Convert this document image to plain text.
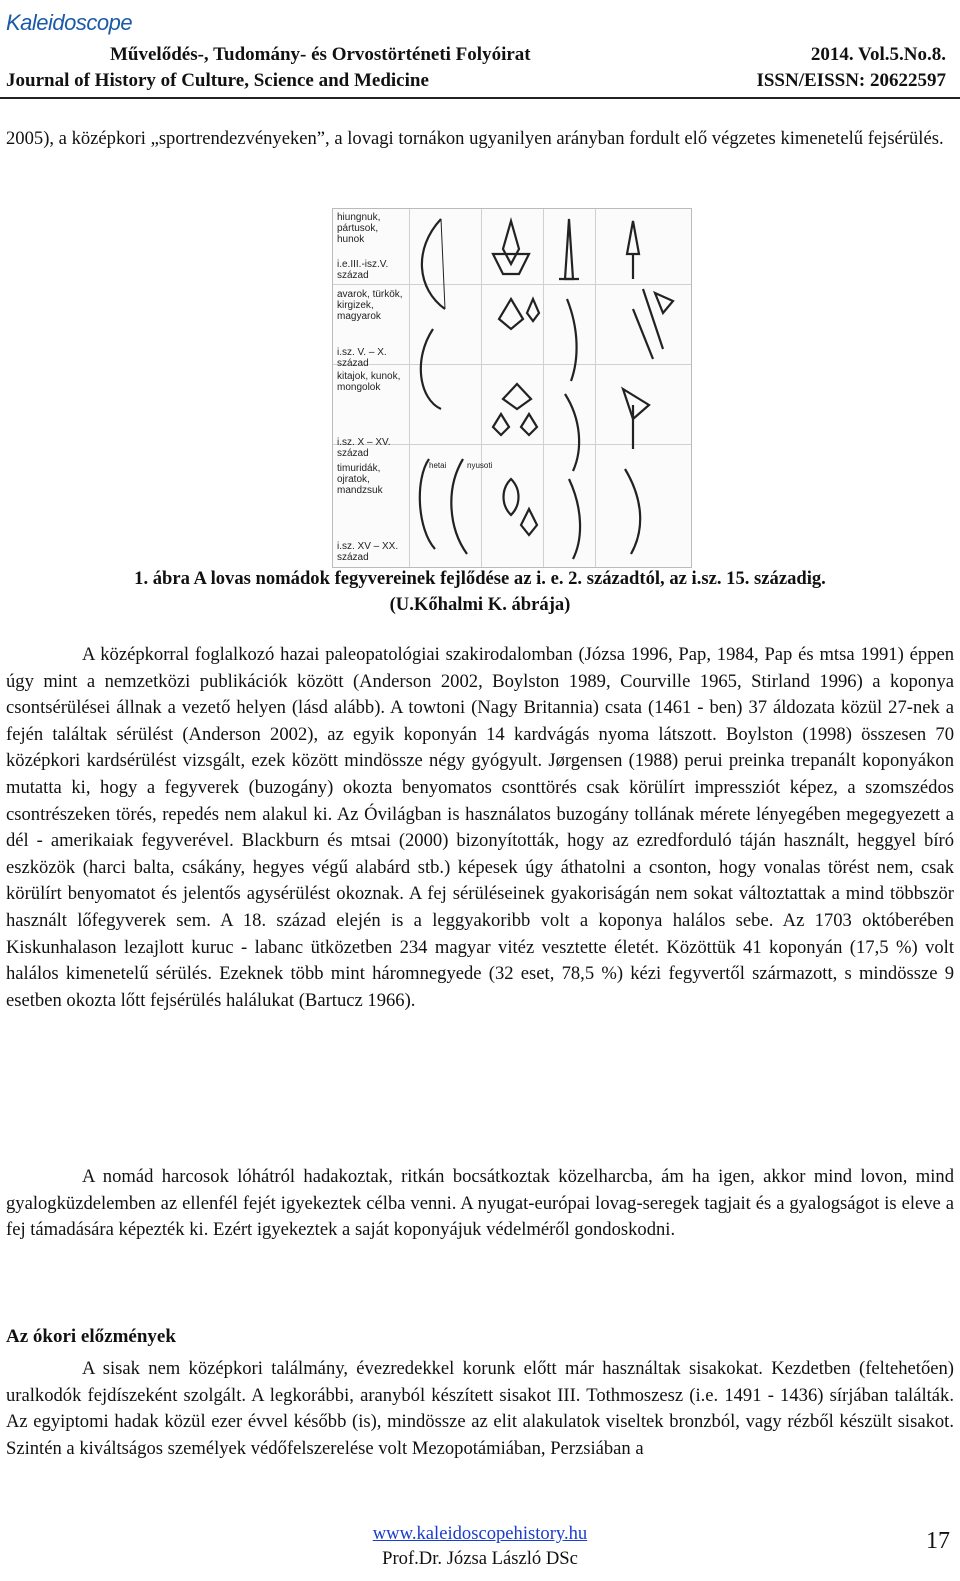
Kaleidoscope
Művelődés-, Tudomány- és Orvostörténeti Folyóirat	2014. Vol.5.No.8.
Journal of History of Culture, Science and Medicine	ISSN/EISSN: 20622597

2005), a középkori „sportrendezvényeken”, a lovagi tornákon ugyanilyen arányban fordult elő végzetes kimenetelű fejsérülés.

hiungnuk, pártusok, hunok
i.e.III.-isz.V. század
avarok, türkök, kirgizek, magyarok
i.sz. V. – X. század
kitajok, kunok, mongolok
i.sz. X – XV. század
timuridák, ojratok, mandzsuk
i.sz. XV – XX. század
hetai	nyusoti

1. ábra A lovas nomádok fegyvereinek fejlődése az i. e. 2. századtól, az i.sz. 15. századig.

(U.Kőhalmi K. ábrája)

A középkorral foglalkozó hazai paleopatológiai szakirodalomban (Józsa 1996, Pap, 1984, Pap és mtsa 1991) éppen úgy mint a nemzetközi publikációk között (Anderson 2002, Boylston 1989, Courville 1965, Stirland 1996) a koponya csontsérülései állnak a vezető helyen (lásd alább). A towtoni (Nagy Britannia) csata (1461 - ben) 37 áldozata közül 27-nek a fején találtak sérülést (Anderson 2002), az egyik koponyán 14 kardvágás nyoma látszott. Boylston (1998) összesen 70 középkori kardsérülést vizsgált, ezek között mindössze négy gyógyult. Jørgensen (1988) perui preinka trepanált koponyákon mutatta ki, hogy a fegyverek (buzogány) okozta benyomatos csonttörés csak körülírt impressziót képez, a szomszédos csontrészeken törés, repedés nem alakul ki. Az Óvilágban is használatos buzogány tollának mérete lényegében megegyezett a dél - amerikaiak fegyverével. Blackburn és mtsai (2000) bizonyították, hogy az ezredforduló táján használt, heggyel bíró eszközök (harci balta, csákány, hegyes végű alabárd stb.) képesek úgy áthatolni a csonton, hogy vonalas törést nem, csak körülírt benyomatot és jelentős agysérülést okoznak. A fej sérüléseinek gyakoriságán nem sokat változtattak a mind többször használt lőfegyverek sem. A 18. század elején is a leggyakoribb volt a koponya halálos sebe. Az 1703 októberében Kiskunhalason lezajlott kuruc - labanc ütközetben 234 magyar vitéz vesztette életét. Közöttük 41 koponyán (17,5 %) volt halálos kimenetelű sérülés. Ezeknek több mint háromnegyede (32 eset, 78,5 %) kézi fegyvertől származott, s mindössze 9 esetben okozta lőtt fejsérülés halálukat (Bartucz 1966).

A nomád harcosok lóhátról hadakoztak, ritkán bocsátkoztak közelharcba, ám ha igen, akkor mind lovon, mind gyalogküzdelemben az ellenfél fejét igyekeztek célba venni. A nyugat-európai lovag-seregek tagjait és a gyalogságot is eleve a fej támadására képezték ki. Ezért igyekeztek a saját koponyájuk védelméről gondoskodni.

Az ókori előzmények

A sisak nem középkori találmány, évezredekkel korunk előtt már használtak sisakokat. Kezdetben (feltehetően) uralkodók fejdíszeként szolgált. A legkorábbi, aranyból készített sisakot III. Tothmoszesz (i.e. 1491 - 1436) sírjában találták. Az egyiptomi hadak közül ezer évvel később (is), mindössze az elit alakulatok viseltek bronzból, vagy rézből készült sisakot. Szintén a kiváltságos személyek védőfelszerelése volt Mezopotámiában, Perzsiában a

www.kaleidoscopehistory.hu
Prof.Dr. Józsa László DSc
17
